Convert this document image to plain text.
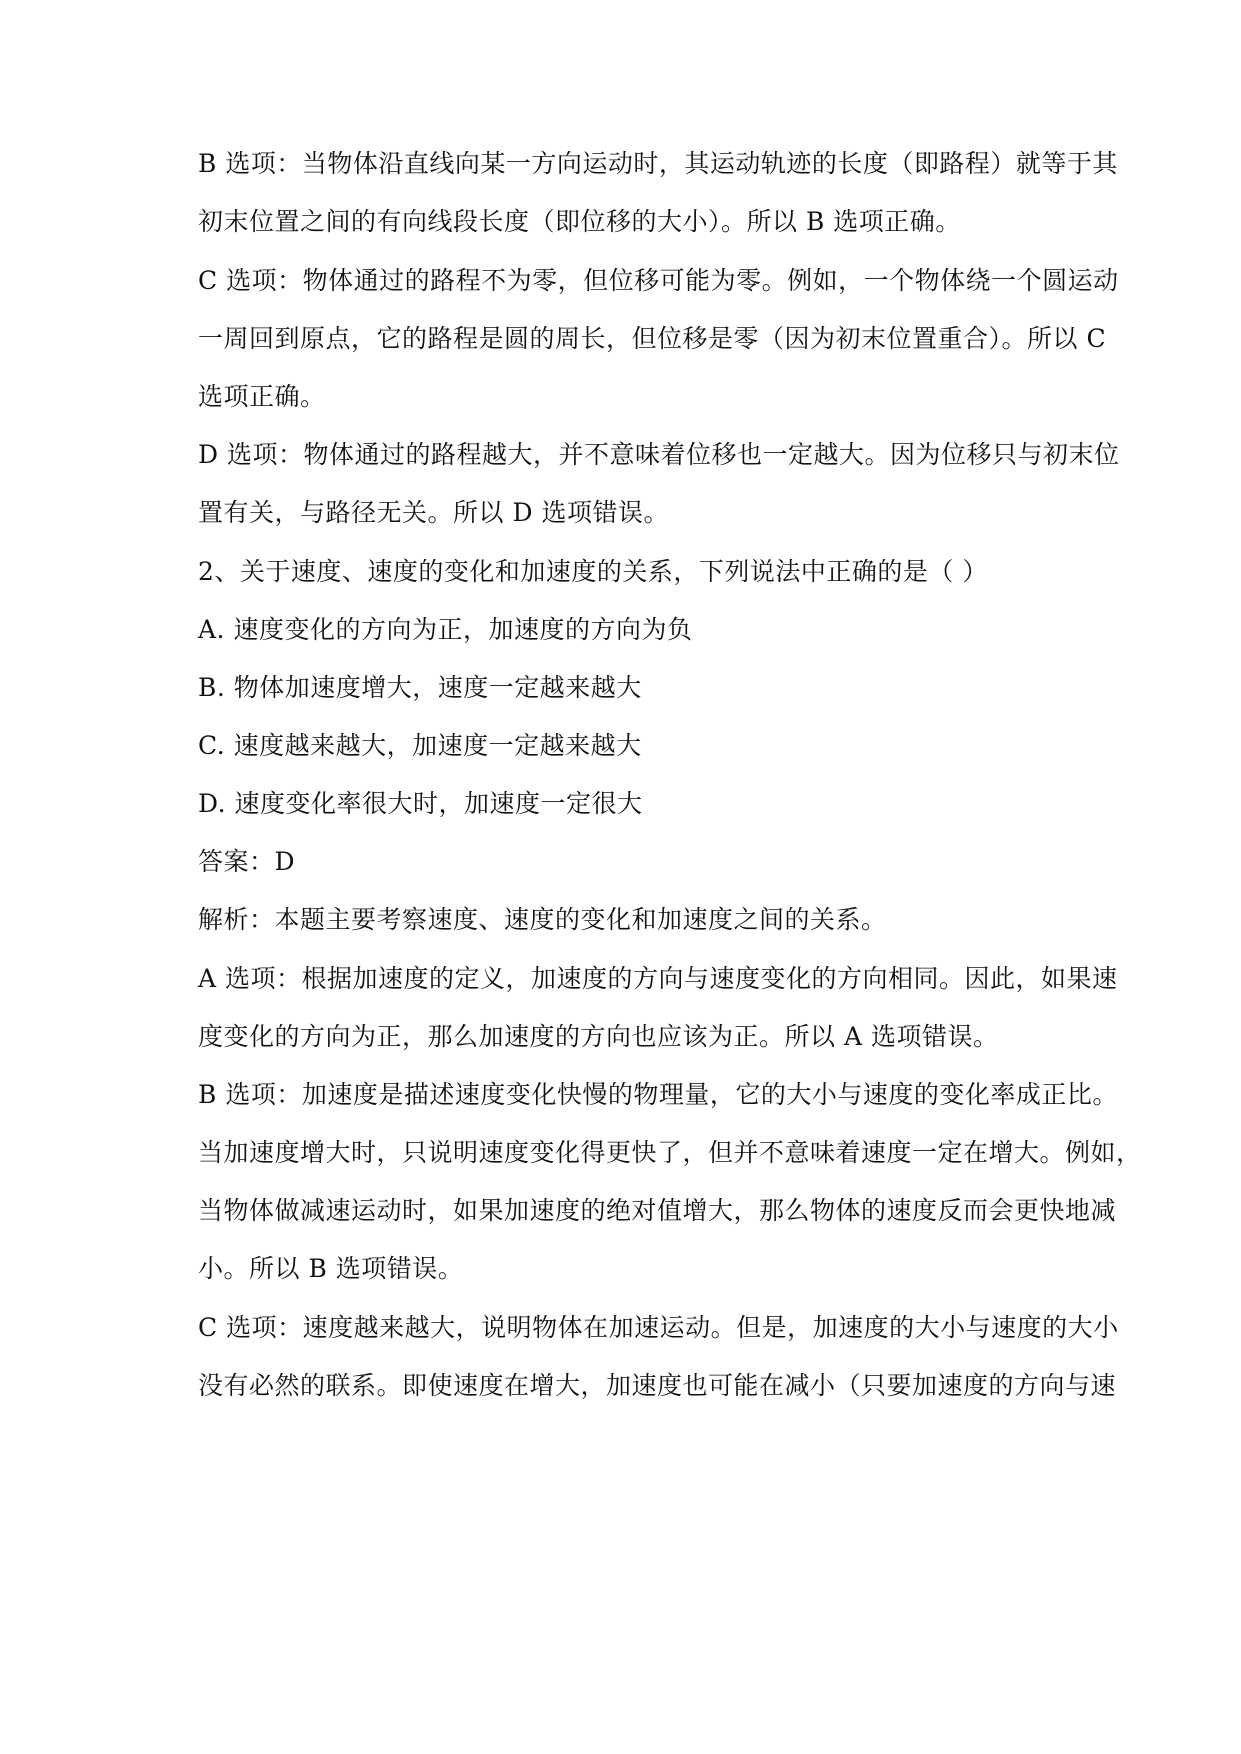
B 选项：当物体沿直线向某一方向运动时，其运动轨迹的长度（即路程）就等于其
初末位置之间的有向线段长度（即位移的大小）。所以 B 选项正确。
C 选项：物体通过的路程不为零，但位移可能为零。例如，一个物体绕一个圆运动
一周回到原点，它的路程是圆的周长，但位移是零（因为初末位置重合）。所以 C
选项正确。
D 选项：物体通过的路程越大，并不意味着位移也一定越大。因为位移只与初末位
置有关，与路径无关。所以 D 选项错误。
2、关于速度、速度的变化和加速度的关系，下列说法中正确的是（ ）
A. 速度变化的方向为正，加速度的方向为负
B. 物体加速度增大，速度一定越来越大
C. 速度越来越大，加速度一定越来越大
D. 速度变化率很大时，加速度一定很大
答案：D
解析：本题主要考察速度、速度的变化和加速度之间的关系。
A 选项：根据加速度的定义，加速度的方向与速度变化的方向相同。因此，如果速
度变化的方向为正，那么加速度的方向也应该为正。所以 A 选项错误。
B 选项：加速度是描述速度变化快慢的物理量，它的大小与速度的变化率成正比。
当加速度增大时，只说明速度变化得更快了，但并不意味着速度一定在增大。例如，
当物体做减速运动时，如果加速度的绝对值增大，那么物体的速度反而会更快地减
小。所以 B 选项错误。
C 选项：速度越来越大，说明物体在加速运动。但是，加速度的大小与速度的大小
没有必然的联系。即使速度在增大，加速度也可能在减小（只要加速度的方向与速
